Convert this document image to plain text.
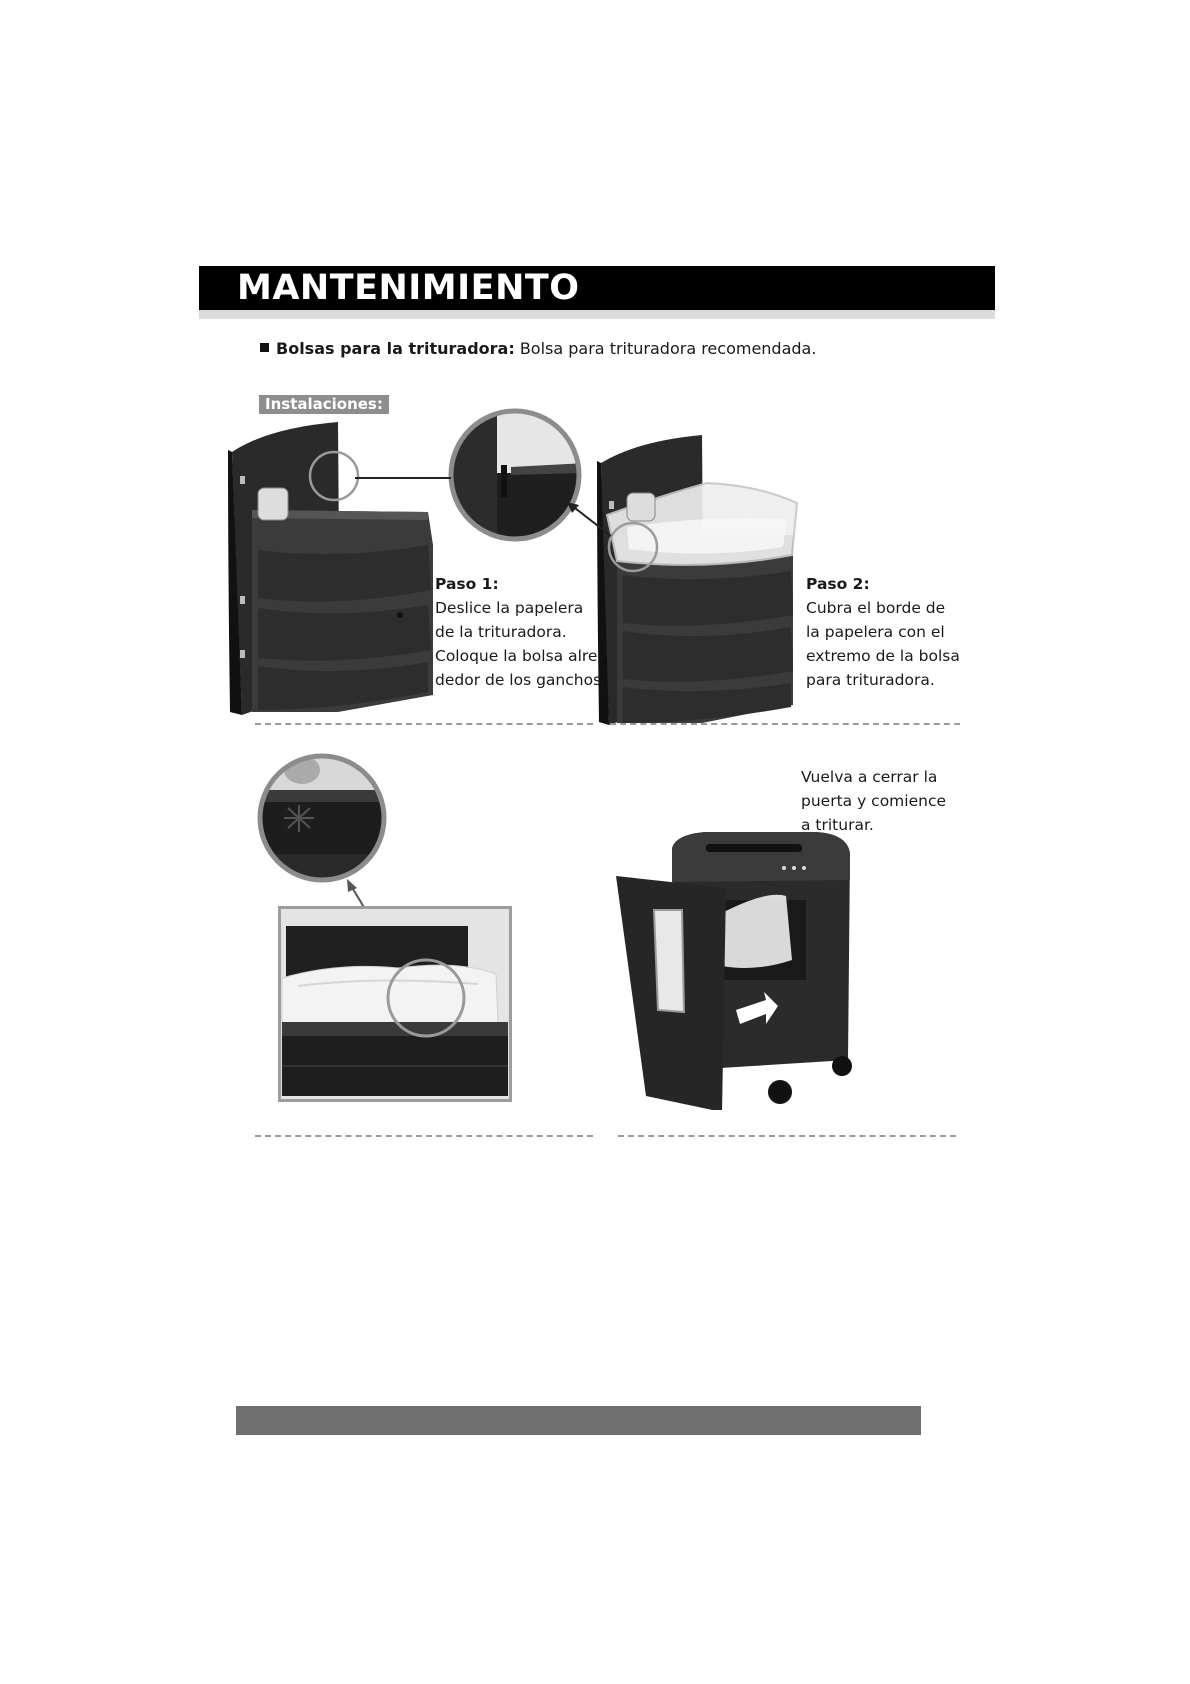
MANTENIMIENTO
Bolsas para la trituradora: Bolsa para trituradora recomendada.
Instalaciones:
Paso 1:
Deslice la papelera
de la trituradora.
Coloque la bolsa alre-
dedor de los ganchos.
Paso 2:
Cubra el borde de
la papelera con el
extremo de la bolsa
para trituradora.
Vuelva a cerrar la
puerta y comience
a triturar.
